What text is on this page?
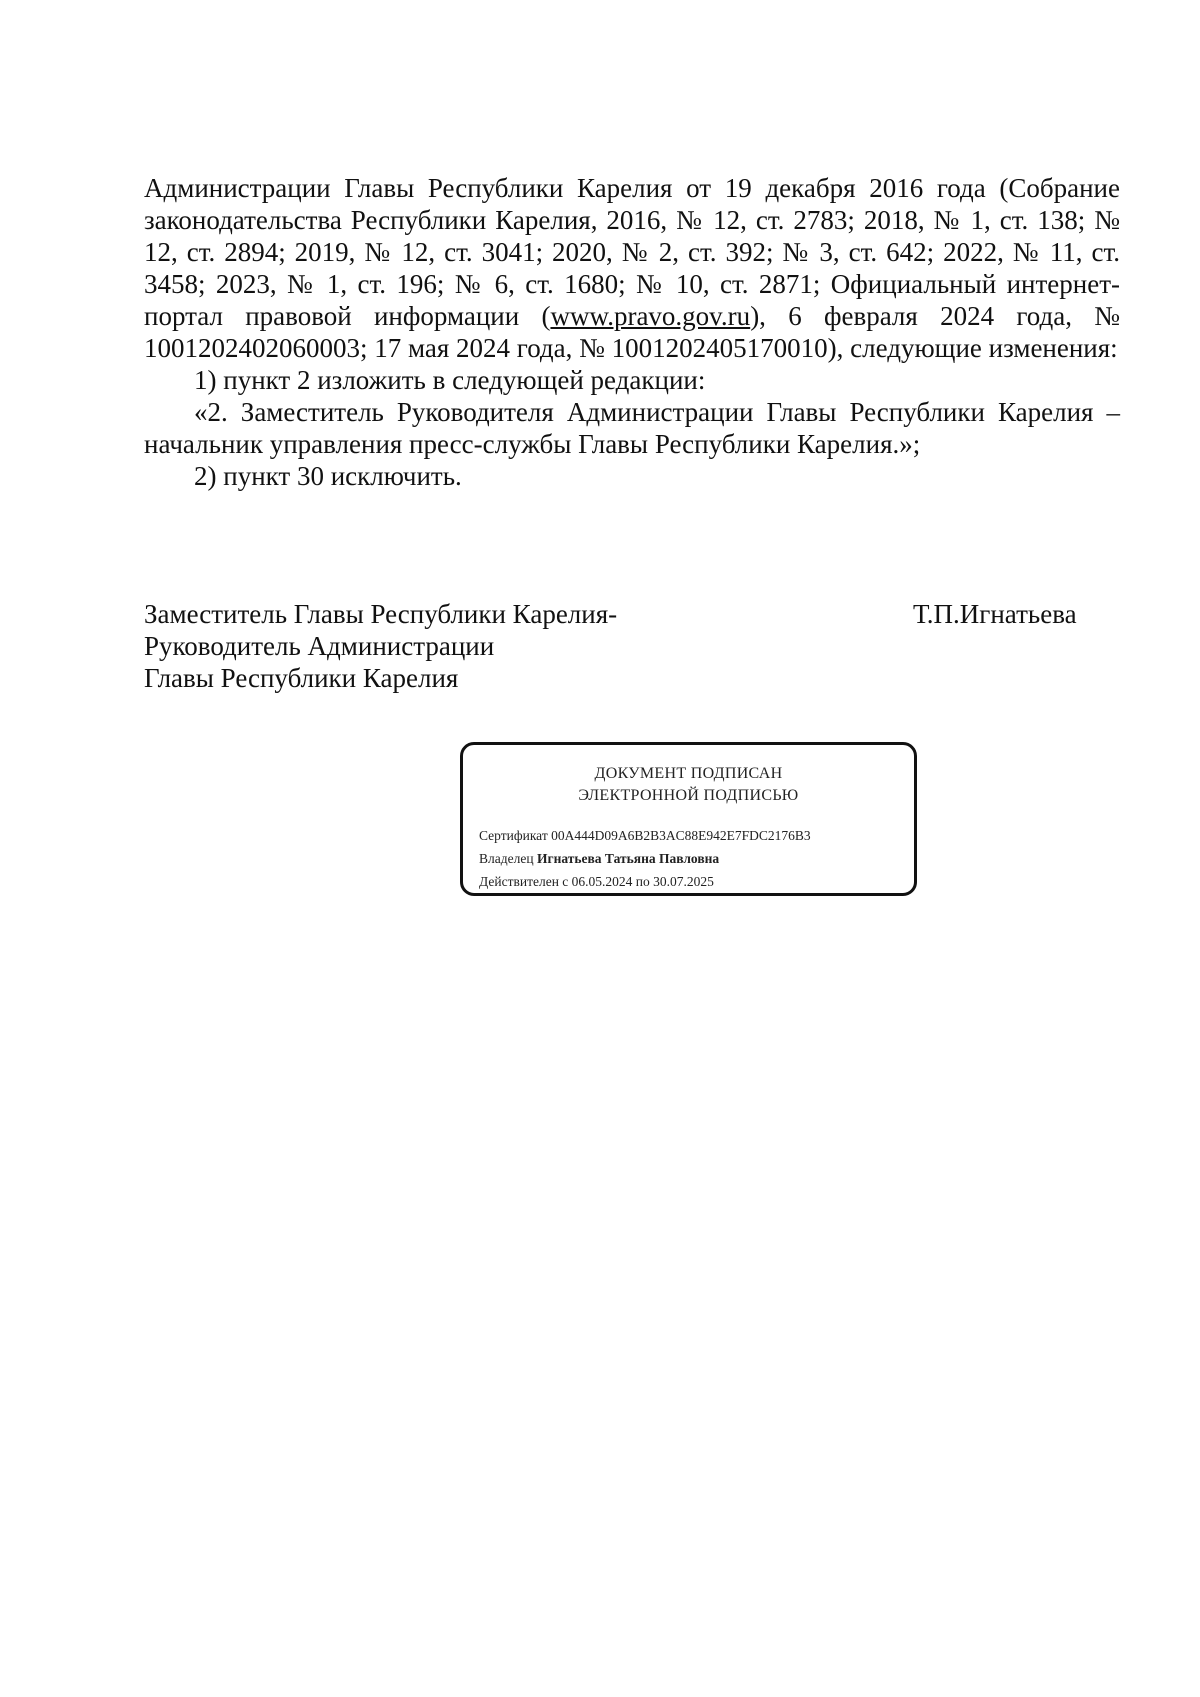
Администрации Главы Республики Карелия от 19 декабря 2016 года (Собрание законодательства Республики Карелия, 2016, № 12, ст. 2783; 2018, № 1, ст. 138; № 12, ст. 2894; 2019, № 12, ст. 3041; 2020, № 2, ст. 392; № 3, ст. 642; 2022, № 11, ст. 3458; 2023, № 1, ст. 196; № 6, ст. 1680; № 10, ст. 2871; Официальный интернет-портал правовой информации (www.pravo.gov.ru), 6 февраля 2024 года, № 1001202402060003; 17 мая 2024 года, № 1001202405170010), следующие изменения:

1) пункт 2 изложить в следующей редакции:

«2. Заместитель Руководителя Администрации Главы Республики Карелия – начальник управления пресс-службы Главы Республики Карелия.»;

2) пункт 30 исключить.

Заместитель Главы Республики Карелия-
Руководитель Администрации
Главы Республики Карелия
Т.П.Игнатьева
ДОКУМЕНТ ПОДПИСАН
ЭЛЕКТРОННОЙ ПОДПИСЬЮ
Сертификат 00A444D09A6B2B3AC88E942E7FDC2176B3
Владелец Игнатьева Татьяна Павловна
Действителен с 06.05.2024 по 30.07.2025
